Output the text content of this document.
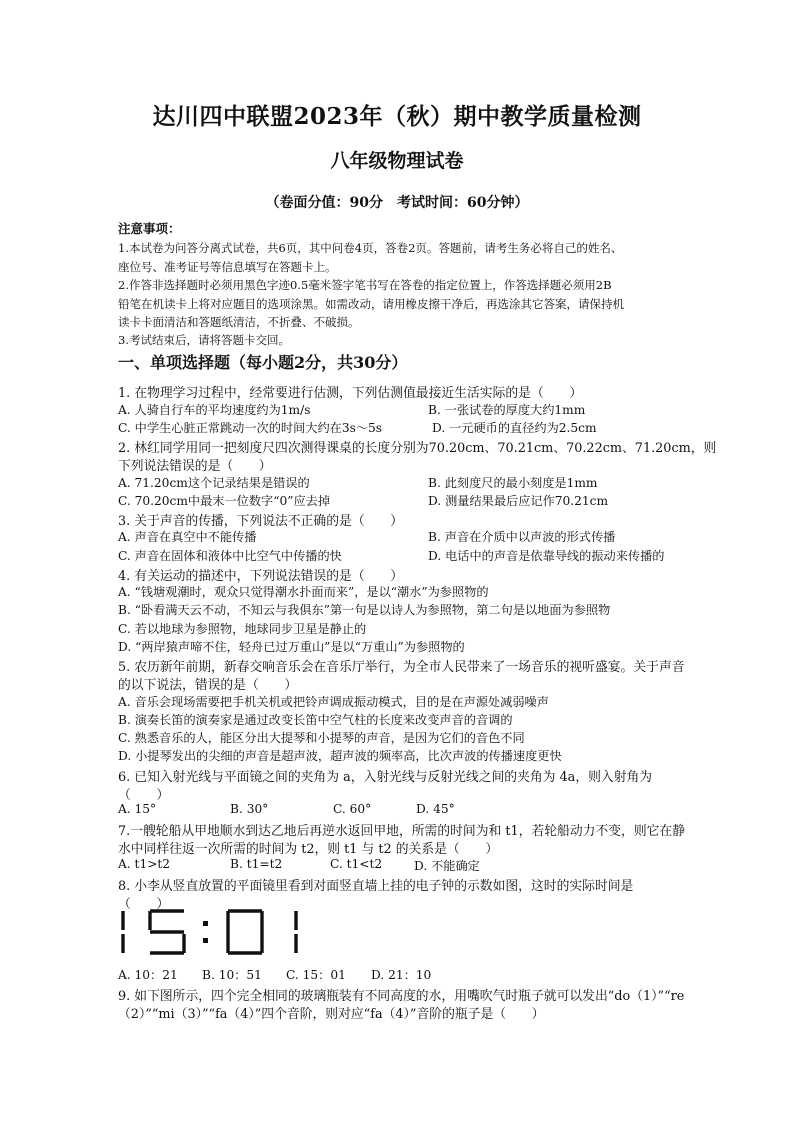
达川四中联盟2023年（秋）期中教学质量检测
八年级物理试卷
（卷面分值：90分　考试时间：60分钟）
注意事项：
1.本试卷为问答分离式试卷，共6页，其中问卷4页，答卷2页。答题前，请考生务必将自己的姓名、
座位号、准考证号等信息填写在答题卡上。
2.作答非选择题时必须用黑色字迹0.5毫米签字笔书写在答卷的指定位置上，作答选择题必须用2B
铅笔在机读卡上将对应题目的选项涂黑。如需改动，请用橡皮擦干净后，再选涂其它答案，请保持机
读卡卡面清洁和答题纸清洁，不折叠、不破损。
3.考试结束后，请将答题卡交回。
一、单项选择题（每小题2分，共30分）
1. 在物理学习过程中，经常要进行估测，下列估测值最接近生活实际的是（　　）
A. 人骑自行车的平均速度约为1m/s	B. 一张试卷的厚度大约1mm
C. 中学生心脏正常跳动一次的时间大约在3s～5s	D. 一元硬币的直径约为2.5cm
2. 林红同学用同一把刻度尺四次测得课桌的长度分别为70.20cm、70.21cm、70.22cm、71.20cm，则
下列说法错误的是（　　）
A. 71.20cm这个记录结果是错误的	B. 此刻度尺的最小刻度是1mm
C. 70.20cm中最末一位数字“0”应去掉	D. 测量结果最后应记作70.21cm
3. 关于声音的传播，下列说法不正确的是（　　）
A. 声音在真空中不能传播	B. 声音在介质中以声波的形式传播
C. 声音在固体和液体中比空气中传播的快	D. 电话中的声音是依靠导线的振动来传播的
4. 有关运动的描述中，下列说法错误的是（　　）
A. “钱塘观潮时，观众只觉得潮水扑面而来”，是以“潮水”为参照物的
B. “卧看满天云不动，不知云与我俱东”第一句是以诗人为参照物，第二句是以地面为参照物
C. 若以地球为参照物，地球同步卫星是静止的
D. “两岸猿声啼不住，轻舟已过万重山”是以“万重山”为参照物的
5. 农历新年前期，新春交响音乐会在音乐厅举行，为全市人民带来了一场音乐的视听盛宴。关于声音
的以下说法，错误的是（　　）
A. 音乐会现场需要把手机关机或把铃声调成振动模式，目的是在声源处减弱噪声
B. 演奏长笛的演奏家是通过改变长笛中空气柱的长度来改变声音的音调的
C. 熟悉音乐的人，能区分出大提琴和小提琴的声音，是因为它们的音色不同
D. 小提琴发出的尖细的声音是超声波，超声波的频率高，比次声波的传播速度更快
6. 已知入射光线与平面镜之间的夹角为 a，入射光线与反射光线之间的夹角为 4a，则入射角为
（　　）
A. 15°	B. 30°	C. 60°	D. 45°
7.一艘轮船从甲地顺水到达乙地后再逆水返回甲地，所需的时间为和 t1，若轮船动力不变，则它在静
水中同样往返一次所需的时间为 t2，则 t1 与 t2 的关系是（　　）
A. t1>t2	B. t1=t2	C. t1<t2	D. 不能确定
8. 小李从竖直放置的平面镜里看到对面竖直墙上挂的电子钟的示数如图，这时的实际时间是
（　　）
A. 10：21 B. 10：51 C. 15：01 D. 21：10
9. 如下图所示，四个完全相同的玻璃瓶装有不同高度的水，用嘴吹气时瓶子就可以发出“do（1）”“re
（2）”“mi（3）”“fa（4）”四个音阶，则对应“fa（4）”音阶的瓶子是（　　）
